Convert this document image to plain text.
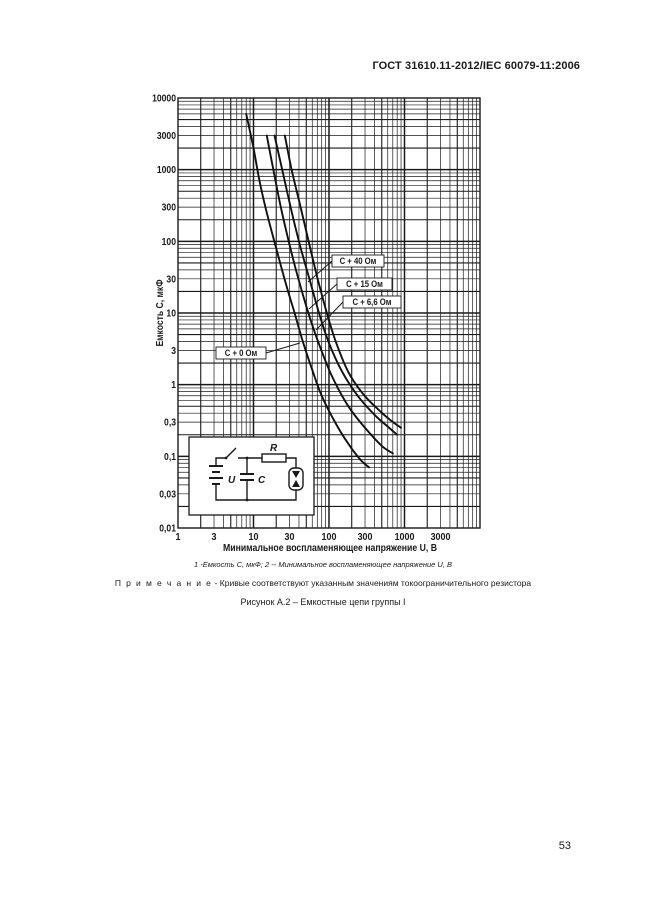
ГОСТ 31610.11-2012/IEC 60079-11:2006
10000
3000
1000
300
100
30
10
3
1
0,3
0,1
0,03
0,01
1	3	10 30	100 300 1000 3000
Емкость С, мкФ
Минимальное воспламеняющее напряжение U, В
C + 0 Ом
C + 6,6 Ом
C + 15 Ом
C + 40 Ом
R
U C
1 -Емкость С, мкФ; 2 -- Минимальное воспламеняющее напряжение U, В
П р и м е ч а н и е - Кривые соответствуют указанным значениям токоограничительного резистора
Рисунок А.2 – Емкостные цепи группы I
53
